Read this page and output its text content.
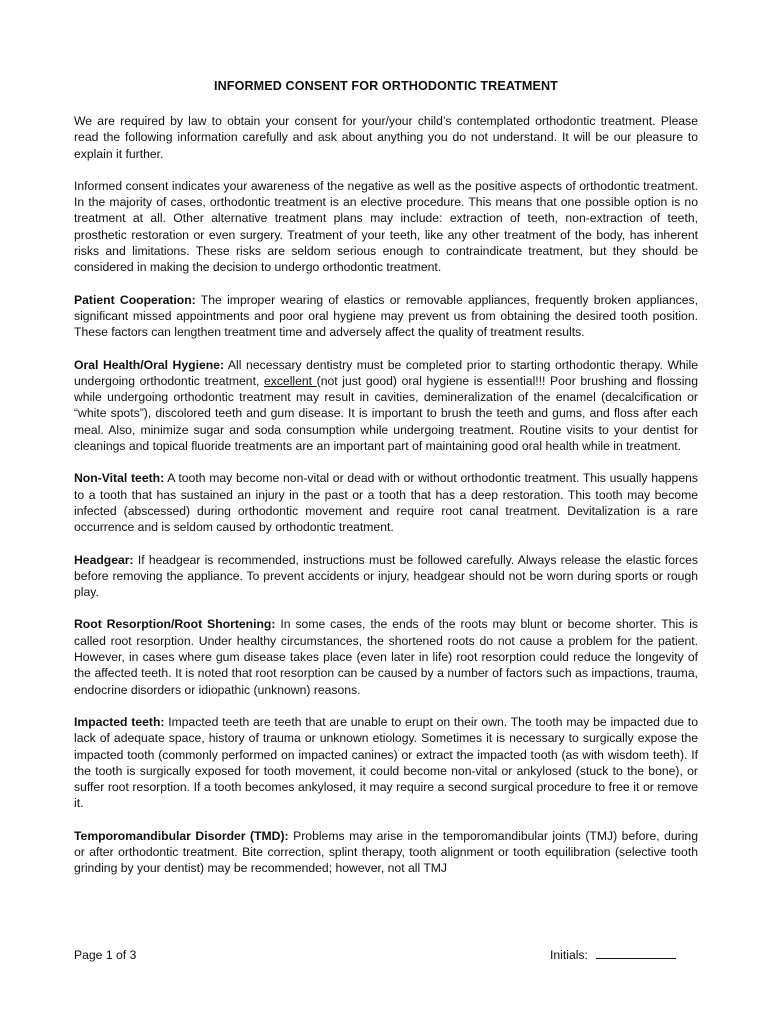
INFORMED CONSENT FOR ORTHODONTIC TREATMENT

We are required by law to obtain your consent for your/your child’s contemplated orthodontic treatment. Please read the following information carefully and ask about anything you do not understand. It will be our pleasure to explain it further.

Informed consent indicates your awareness of the negative as well as the positive aspects of orthodontic treatment. In the majority of cases, orthodontic treatment is an elective procedure. This means that one possible option is no treatment at all. Other alternative treatment plans may include: extraction of teeth, non-extraction of teeth, prosthetic restoration or even surgery. Treatment of your teeth, like any other treatment of the body, has inherent risks and limitations. These risks are seldom serious enough to contraindicate treatment, but they should be considered in making the decision to undergo orthodontic treatment.

Patient Cooperation: The improper wearing of elastics or removable appliances, frequently broken appliances, significant missed appointments and poor oral hygiene may prevent us from obtaining the desired tooth position. These factors can lengthen treatment time and adversely affect the quality of treatment results.

Oral Health/Oral Hygiene: All necessary dentistry must be completed prior to starting orthodontic therapy. While undergoing orthodontic treatment, excellent (not just good) oral hygiene is essential!!! Poor brushing and flossing while undergoing orthodontic treatment may result in cavities, demineralization of the enamel (decalcification or “white spots”), discolored teeth and gum disease. It is important to brush the teeth and gums, and floss after each meal. Also, minimize sugar and soda consumption while undergoing treatment. Routine visits to your dentist for cleanings and topical fluoride treatments are an important part of maintaining good oral health while in treatment.

Non-Vital teeth: A tooth may become non-vital or dead with or without orthodontic treatment. This usually happens to a tooth that has sustained an injury in the past or a tooth that has a deep restoration. This tooth may become infected (abscessed) during orthodontic movement and require root canal treatment. Devitalization is a rare occurrence and is seldom caused by orthodontic treatment.

Headgear: If headgear is recommended, instructions must be followed carefully. Always release the elastic forces before removing the appliance. To prevent accidents or injury, headgear should not be worn during sports or rough play.

Root Resorption/Root Shortening: In some cases, the ends of the roots may blunt or become shorter. This is called root resorption. Under healthy circumstances, the shortened roots do not cause a problem for the patient. However, in cases where gum disease takes place (even later in life) root resorption could reduce the longevity of the affected teeth. It is noted that root resorption can be caused by a number of factors such as impactions, trauma, endocrine disorders or idiopathic (unknown) reasons.

Impacted teeth: Impacted teeth are teeth that are unable to erupt on their own. The tooth may be impacted due to lack of adequate space, history of trauma or unknown etiology. Sometimes it is necessary to surgically expose the impacted tooth (commonly performed on impacted canines) or extract the impacted tooth (as with wisdom teeth). If the tooth is surgically exposed for tooth movement, it could become non-vital or ankylosed (stuck to the bone), or suffer root resorption. If a tooth becomes ankylosed, it may require a second surgical procedure to free it or remove it.

Temporomandibular Disorder (TMD): Problems may arise in the temporomandibular joints (TMJ) before, during or after orthodontic treatment. Bite correction, splint therapy, tooth alignment or tooth equilibration (selective tooth grinding by your dentist) may be recommended; however, not all TMJ

Page 1 of 3	Initials:
